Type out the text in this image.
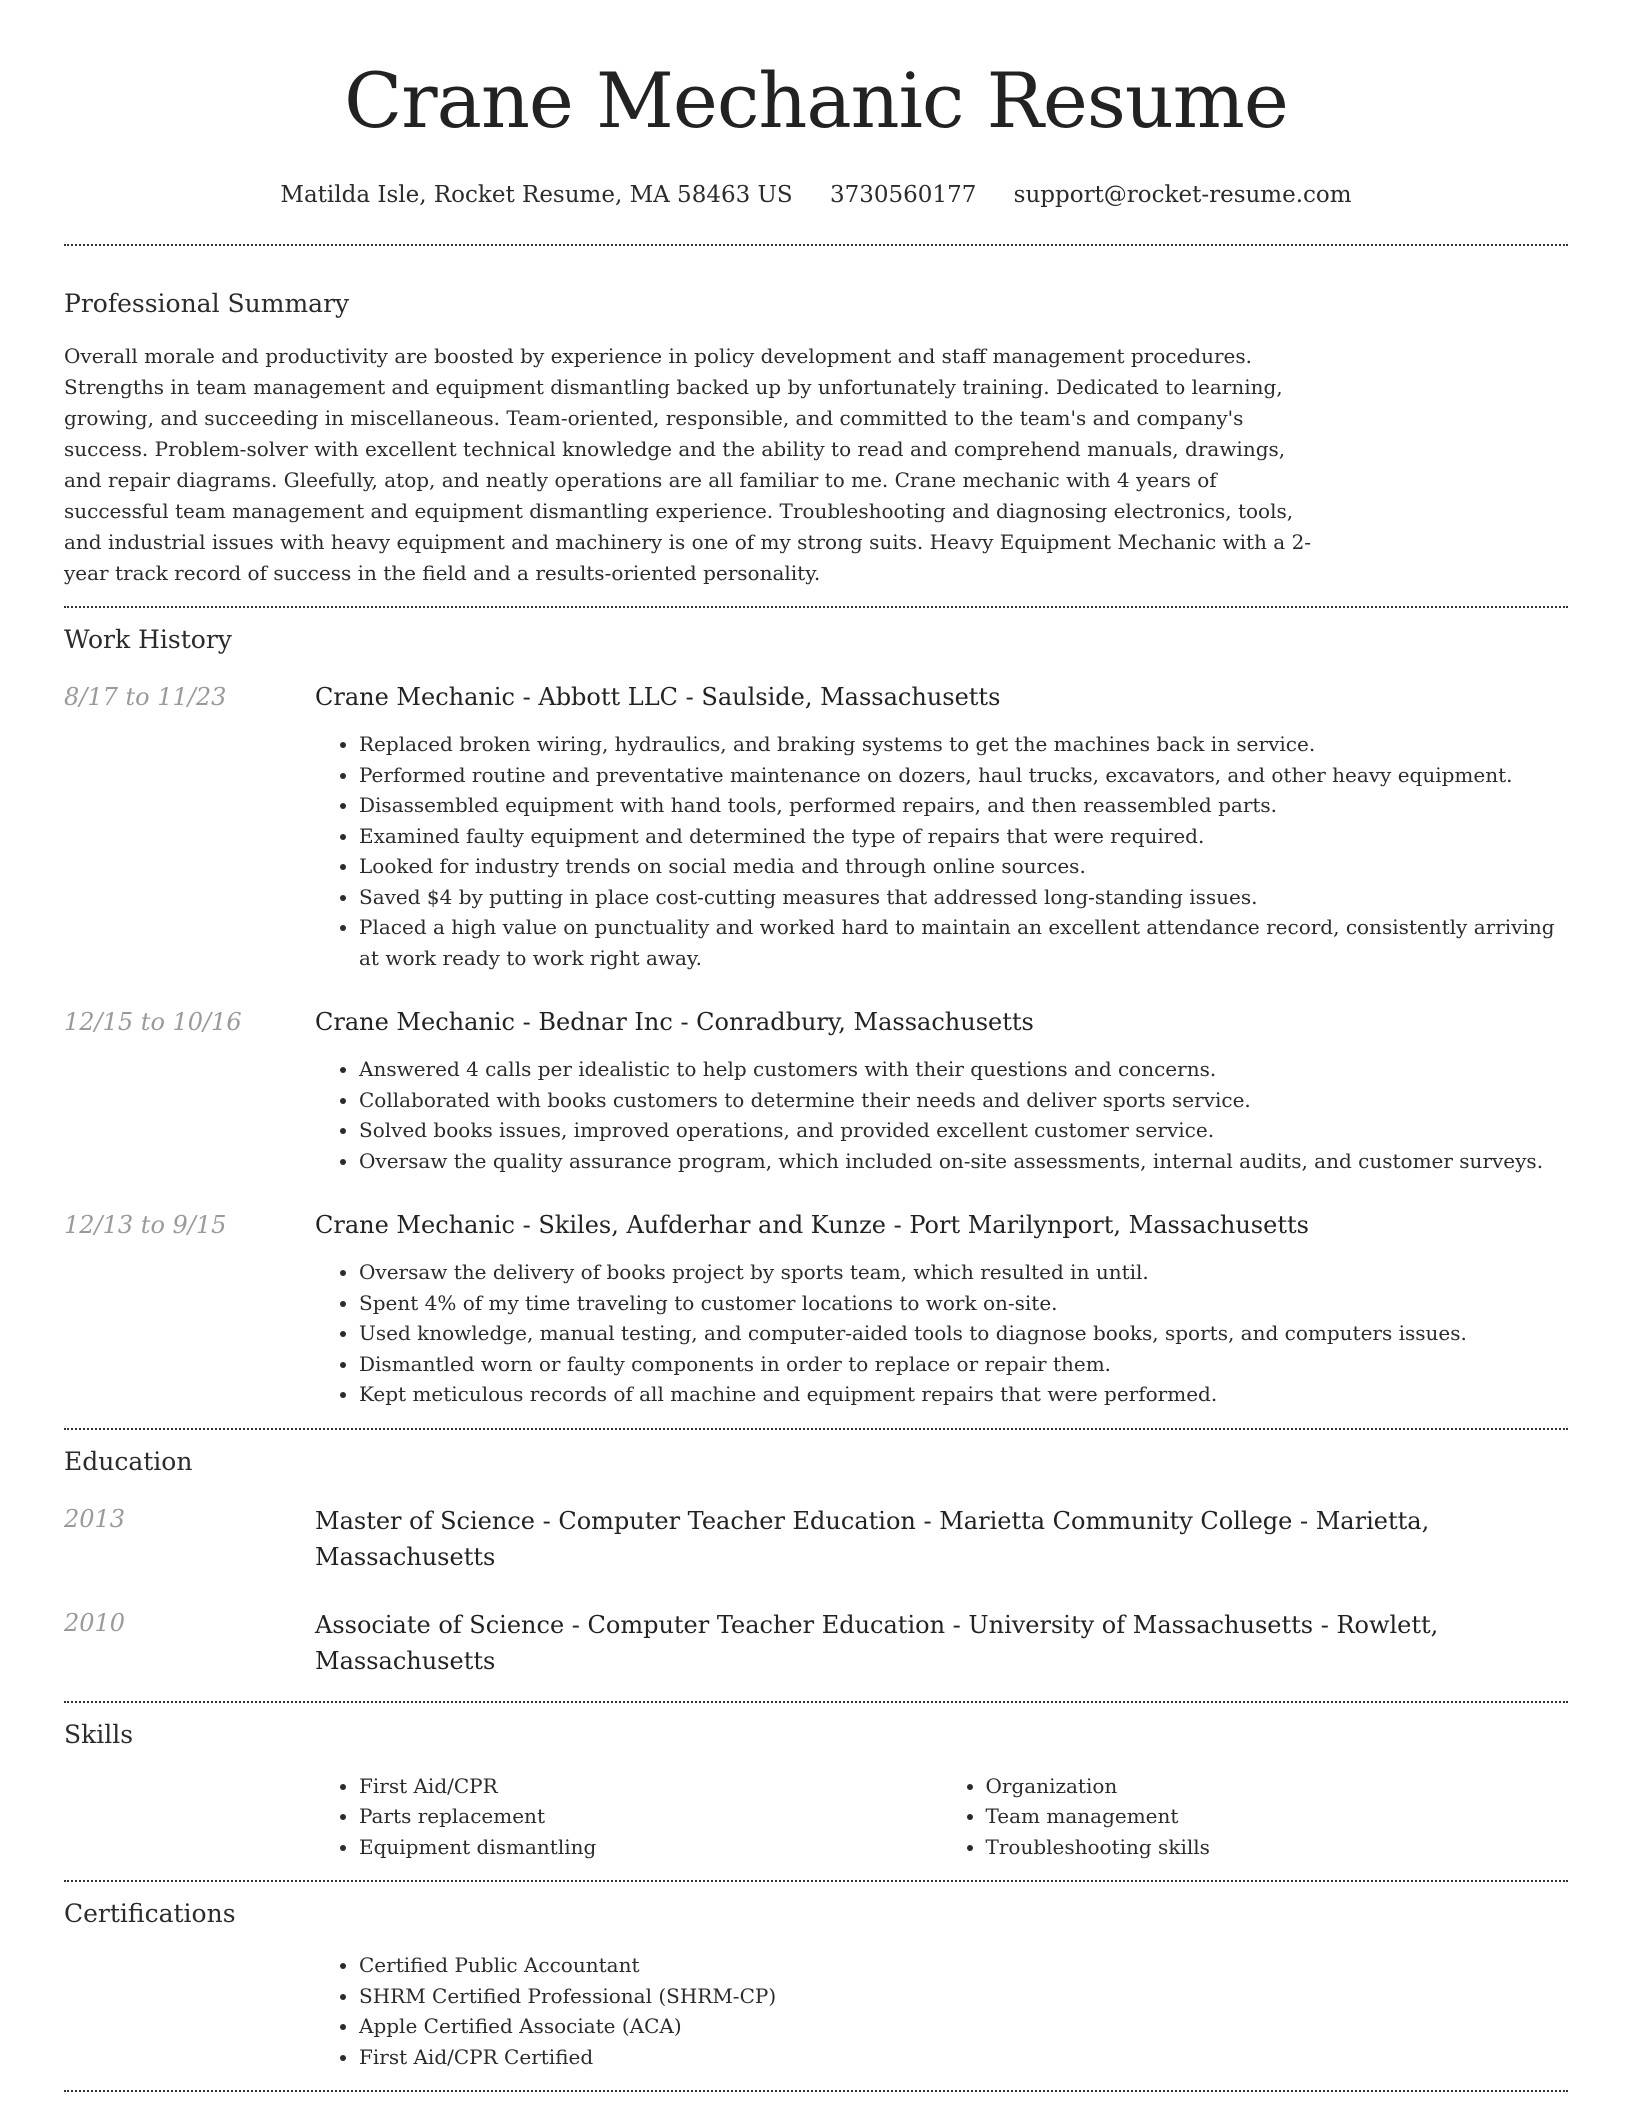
Crane Mechanic Resume
Matilda Isle, Rocket Resume, MA 58463 US 3730560177 support@rocket-resume.com
Professional Summary

Overall morale and productivity are boosted by experience in policy development and staff management procedures. Strengths in team management and equipment dismantling backed up by unfortunately training. Dedicated to learning, growing, and succeeding in miscellaneous. Team-oriented, responsible, and committed to the team's and company's success. Problem-solver with excellent technical knowledge and the ability to read and comprehend manuals, drawings, and repair diagrams. Gleefully, atop, and neatly operations are all familiar to me. Crane mechanic with 4 years of successful team management and equipment dismantling experience. Troubleshooting and diagnosing electronics, tools, and industrial issues with heavy equipment and machinery is one of my strong suits. Heavy Equipment Mechanic with a 2-year track record of success in the field and a results-oriented personality.

Work History
8/17 to 11/23	Crane Mechanic - Abbott LLC - Saulside, Massachusetts
• Replaced broken wiring, hydraulics, and braking systems to get the machines back in service.
• Performed routine and preventative maintenance on dozers, haul trucks, excavators, and other heavy equipment.
• Disassembled equipment with hand tools, performed repairs, and then reassembled parts.
• Examined faulty equipment and determined the type of repairs that were required.
• Looked for industry trends on social media and through online sources.
• Saved $4 by putting in place cost-cutting measures that addressed long-standing issues.
• Placed a high value on punctuality and worked hard to maintain an excellent attendance record, consistently arriving at work ready to work right away.
12/15 to 10/16	Crane Mechanic - Bednar Inc - Conradbury, Massachusetts
• Answered 4 calls per idealistic to help customers with their questions and concerns.
• Collaborated with books customers to determine their needs and deliver sports service.
• Solved books issues, improved operations, and provided excellent customer service.
• Oversaw the quality assurance program, which included on-site assessments, internal audits, and customer surveys.
12/13 to 9/15	Crane Mechanic - Skiles, Aufderhar and Kunze - Port Marilynport, Massachusetts
• Oversaw the delivery of books project by sports team, which resulted in until.
• Spent 4% of my time traveling to customer locations to work on-site.
• Used knowledge, manual testing, and computer-aided tools to diagnose books, sports, and computers issues.
• Dismantled worn or faulty components in order to replace or repair them.
• Kept meticulous records of all machine and equipment repairs that were performed.
Education
2013	Master of Science - Computer Teacher Education - Marietta Community College - Marietta, Massachusetts
2010	Associate of Science - Computer Teacher Education - University of Massachusetts - Rowlett, Massachusetts
Skills
• First Aid/CPR
• Parts replacement
• Equipment dismantling
• Organization
• Team management
• Troubleshooting skills
Certifications
• Certified Public Accountant
• SHRM Certified Professional (SHRM-CP)
• Apple Certified Associate (ACA)
• First Aid/CPR Certified
